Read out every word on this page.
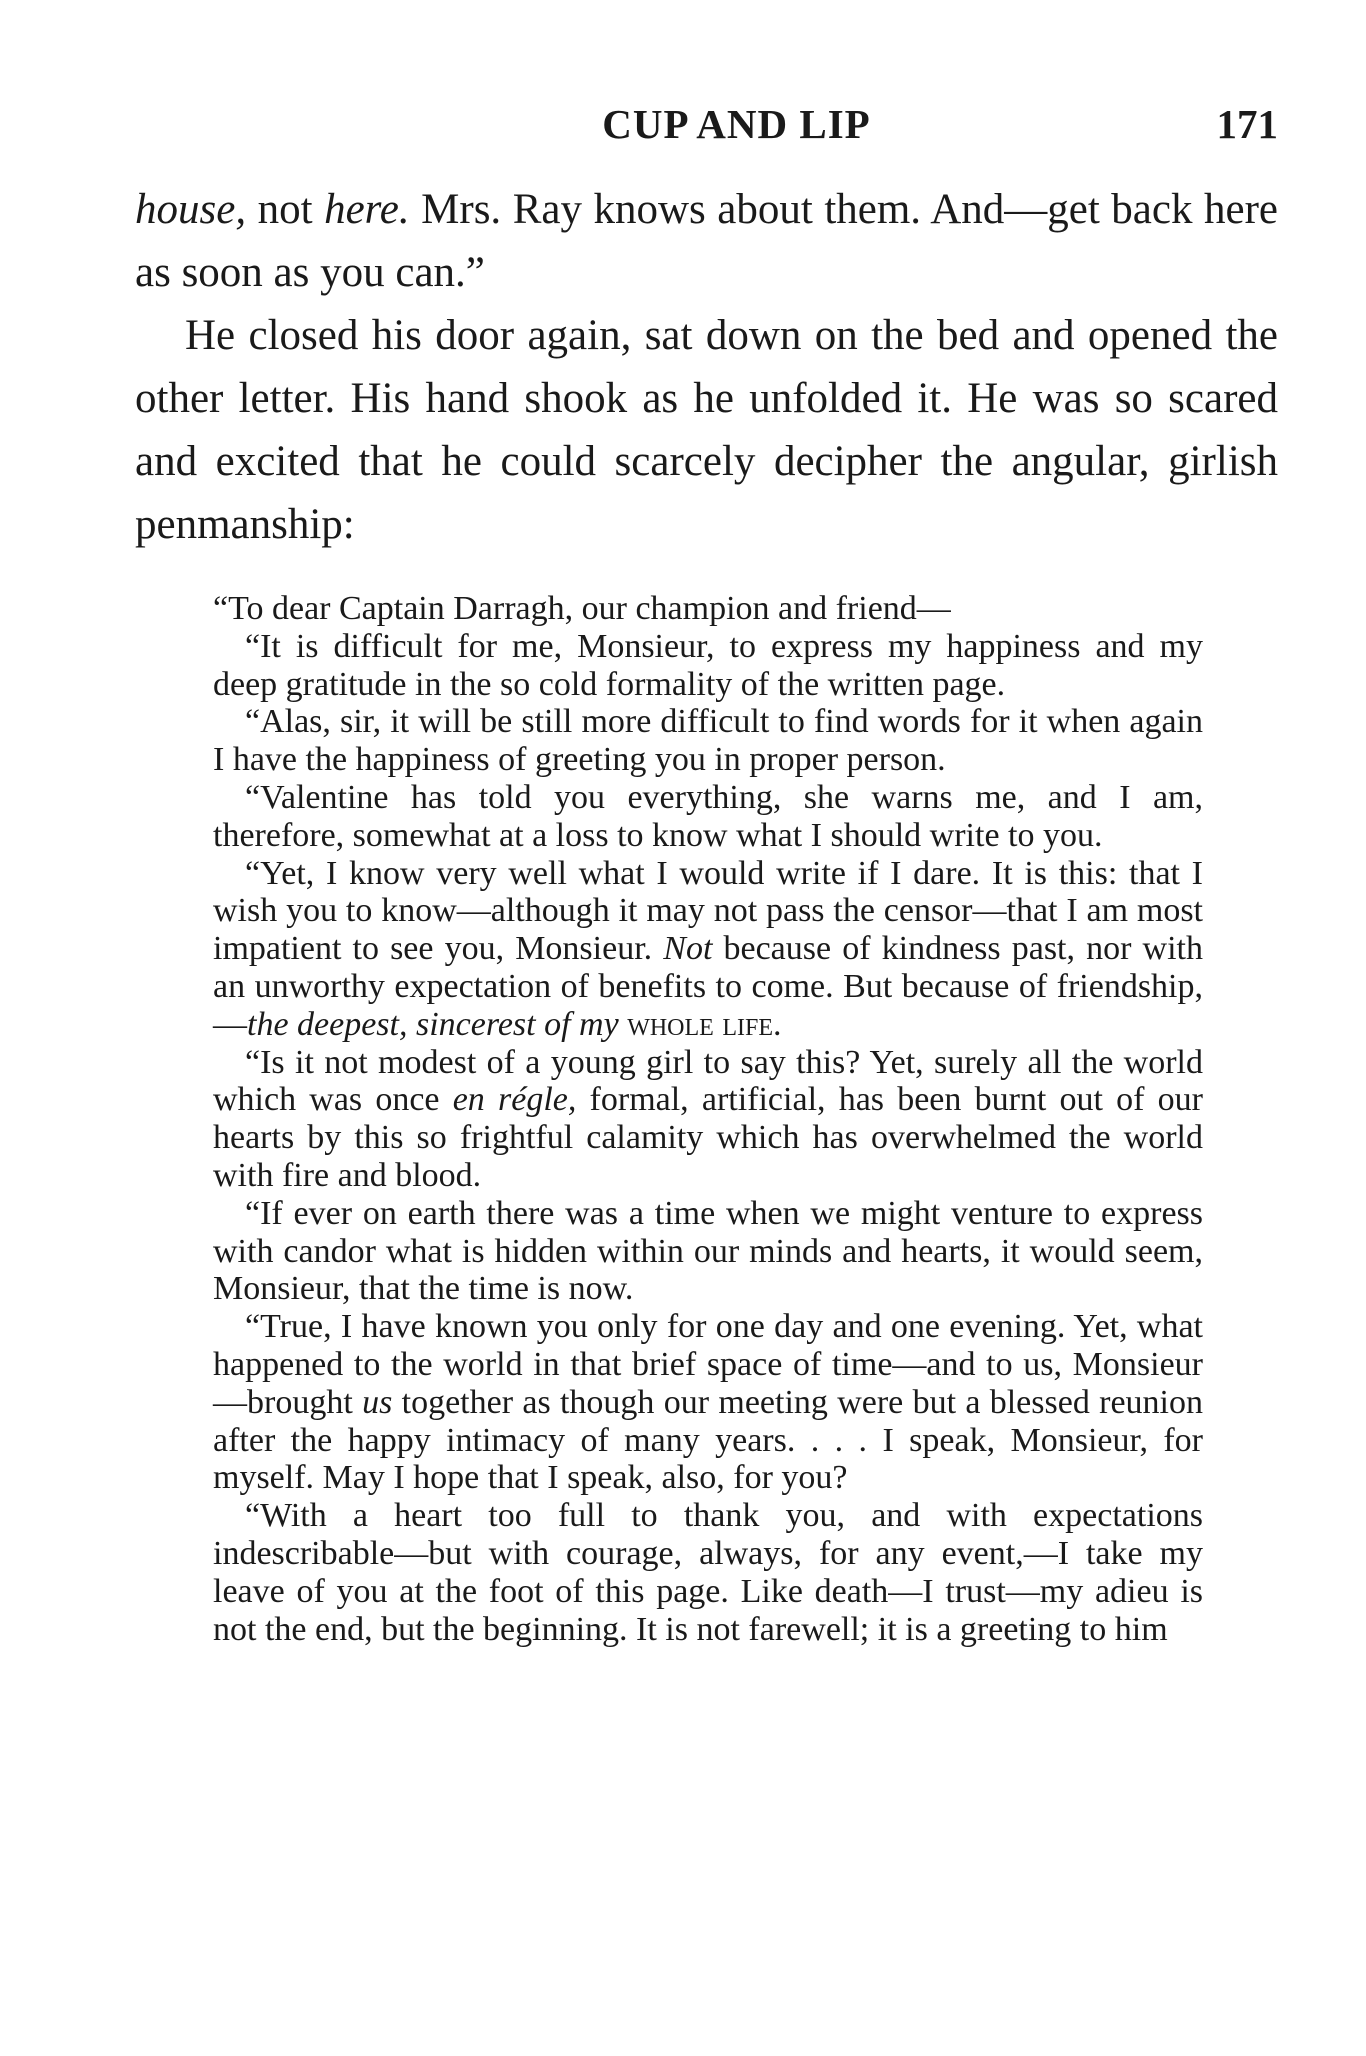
CUP AND LIP	171

house, not here. Mrs. Ray knows about them. And—get back here as soon as you can.”

He closed his door again, sat down on the bed and opened the other letter. His hand shook as he unfolded it. He was so scared and excited that he could scarcely decipher the angular, girlish penmanship:

“To dear Captain Darragh, our champion and friend—

“It is difficult for me, Monsieur, to express my happiness and my deep gratitude in the so cold formality of the written page.

“Alas, sir, it will be still more difficult to find words for it when again I have the happiness of greeting you in proper person.

“Valentine has told you everything, she warns me, and I am, therefore, somewhat at a loss to know what I should write to you.

“Yet, I know very well what I would write if I dare. It is this: that I wish you to know—although it may not pass the censor—that I am most impatient to see you, Monsieur. Not because of kindness past, nor with an unworthy expectation of benefits to come. But because of friendship,—the deepest, sincerest of my whole life.

“Is it not modest of a young girl to say this? Yet, surely all the world which was once en régle, formal, artificial, has been burnt out of our hearts by this so frightful calamity which has overwhelmed the world with fire and blood.

“If ever on earth there was a time when we might venture to express with candor what is hidden within our minds and hearts, it would seem, Monsieur, that the time is now.

“True, I have known you only for one day and one evening. Yet, what happened to the world in that brief space of time—and to us, Monsieur—brought us together as though our meeting were but a blessed reunion after the happy intimacy of many years. . . . I speak, Monsieur, for myself. May I hope that I speak, also, for you?

“With a heart too full to thank you, and with expectations indescribable—but with courage, always, for any event,—I take my leave of you at the foot of this page. Like death—I trust—my adieu is not the end, but the beginning. It is not farewell; it is a greeting to him
